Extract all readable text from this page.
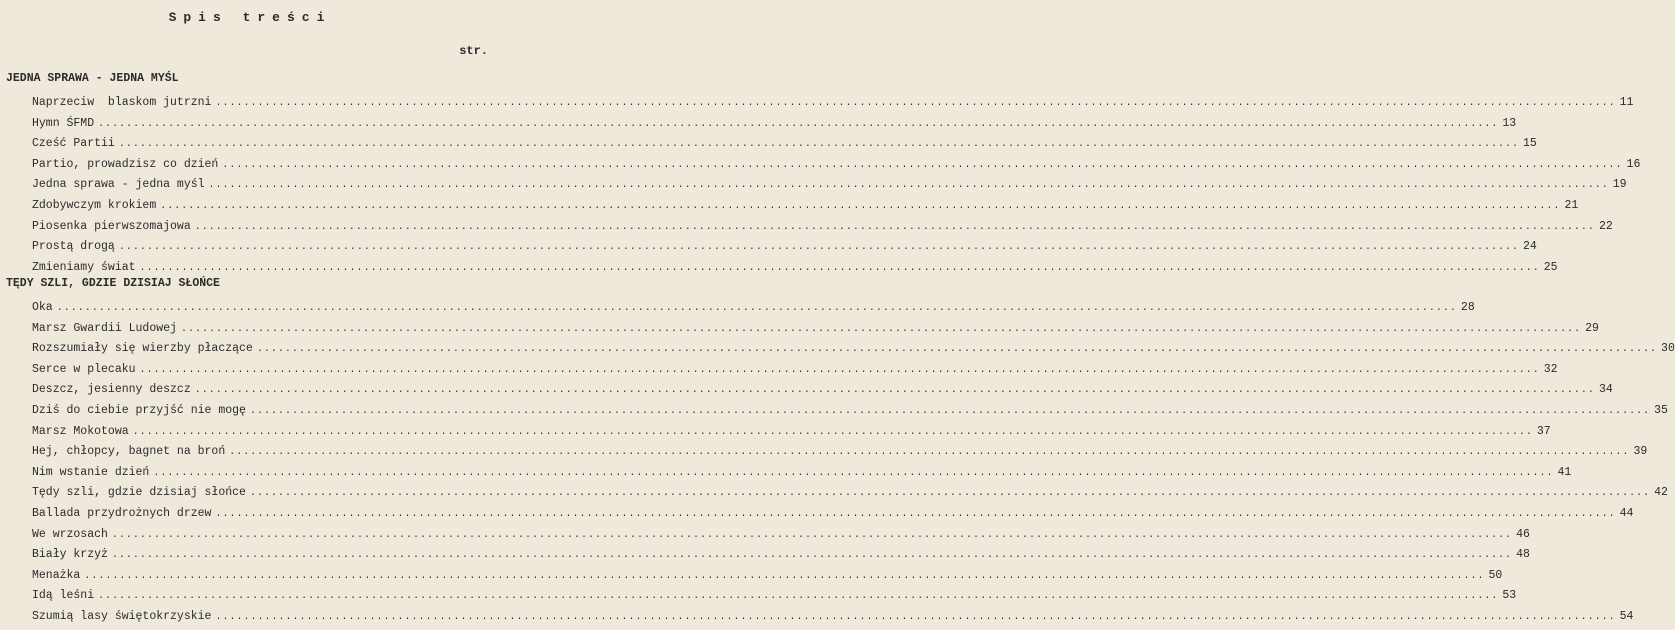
Spis treści
str.
JEDNA SPRAWA - JEDNA MYŚL
Naprzeciw  blaskom jutrzni ........................................................................................................................................................................................................ 11
Hymn ŚFMD ........................................................................................................................................................................................................ 13
Cześć Partii ........................................................................................................................................................................................................ 15
Partio, prowadzisz co dzień ........................................................................................................................................................................................................ 16
Jedna sprawa - jedna myśl ........................................................................................................................................................................................................ 19
Zdobywczym krokiem ........................................................................................................................................................................................................ 21
Piosenka pierwszomajowa ........................................................................................................................................................................................................ 22
Prostą drogą ........................................................................................................................................................................................................ 24
Zmieniamy świat ........................................................................................................................................................................................................ 25
TĘDY SZLI, GDZIE DZISIAJ SŁOŃCE
Oka ........................................................................................................................................................................................................ 28
Marsz Gwardii Ludowej ........................................................................................................................................................................................................ 29
Rozszumiały się wierzby płaczące ........................................................................................................................................................................................................ 30
Serce w plecaku ........................................................................................................................................................................................................ 32
Deszcz, jesienny deszcz ........................................................................................................................................................................................................ 34
Dziś do ciebie przyjść nie mogę ........................................................................................................................................................................................................ 35
Marsz Mokotowa ........................................................................................................................................................................................................ 37
Hej, chłopcy, bagnet na broń ........................................................................................................................................................................................................ 39
Nim wstanie dzień ........................................................................................................................................................................................................ 41
Tędy szli, gdzie dzisiaj słońce ........................................................................................................................................................................................................ 42
Ballada przydrożnych drzew ........................................................................................................................................................................................................ 44
We wrzosach ........................................................................................................................................................................................................ 46
Biały krzyż ........................................................................................................................................................................................................ 48
Menażka ........................................................................................................................................................................................................ 50
Idą leśni ........................................................................................................................................................................................................ 53
Szumią lasy świętokrzyskie ........................................................................................................................................................................................................ 54
